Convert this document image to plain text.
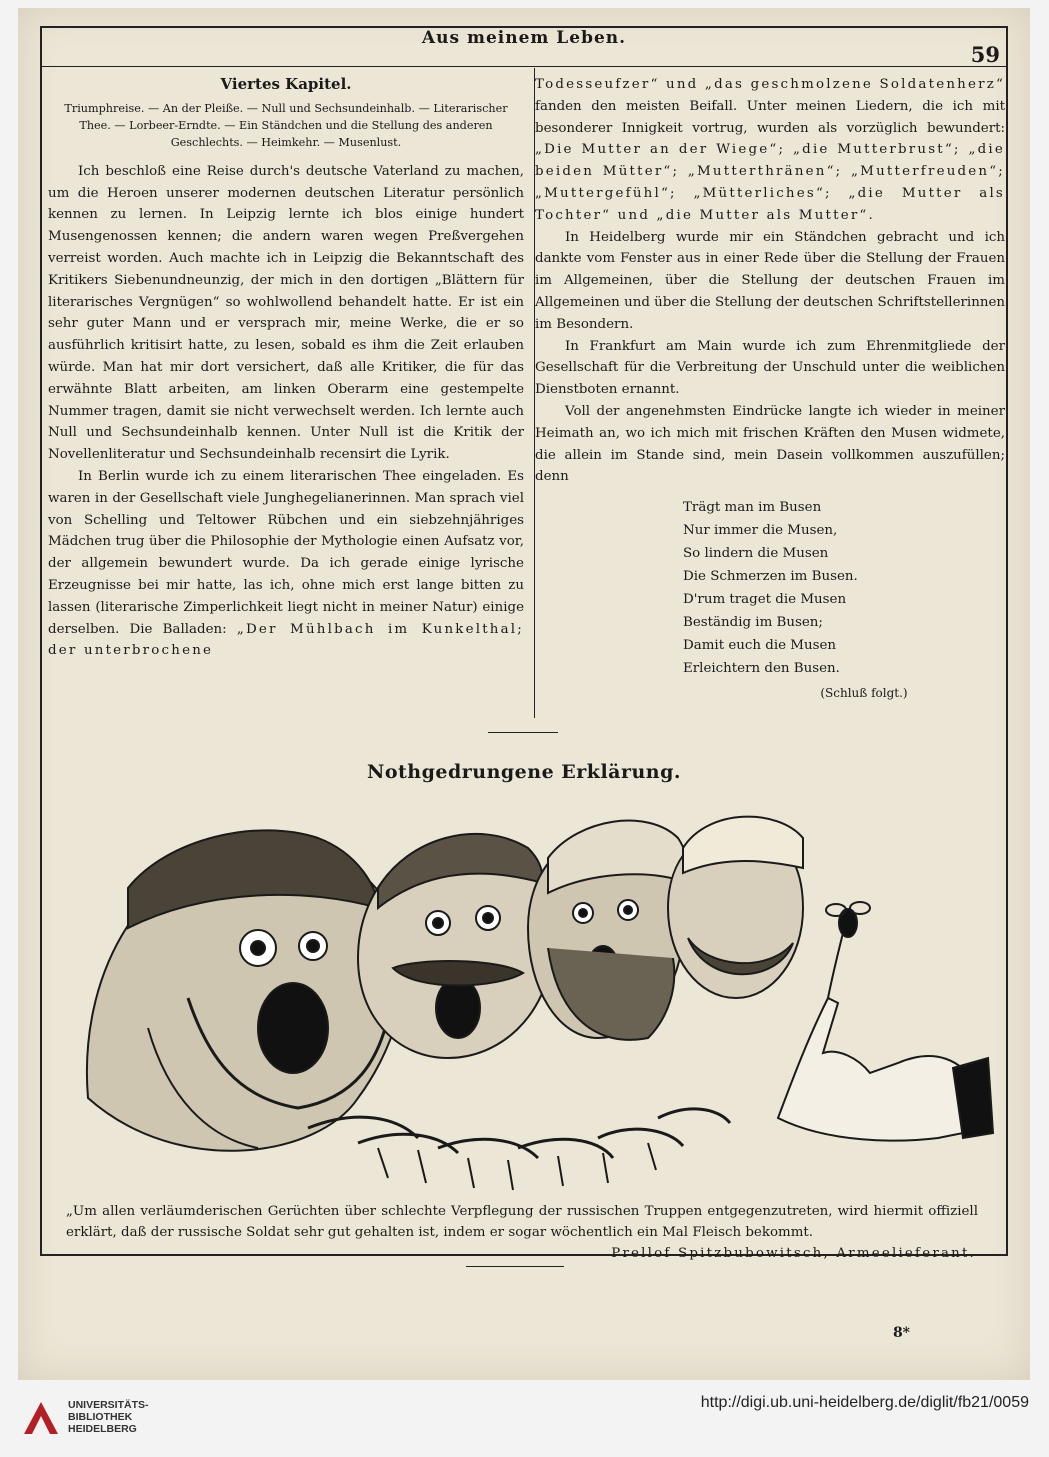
Aus meinem Leben.
59

Viertes Kapitel.

Triumphreise. — An der Pleiße. — Null und Sechsundeinhalb. — Literarischer Thee. — Lorbeer-Erndte. — Ein Ständchen und die Stellung des anderen Geschlechts. — Heimkehr. — Musenlust.

Ich beschloß eine Reise durch's deutsche Vaterland zu machen, um die Heroen unserer modernen deutschen Literatur persönlich kennen zu lernen. In Leipzig lernte ich blos einige hundert Musengenossen kennen; die andern waren wegen Preßvergehen verreist worden. Auch machte ich in Leipzig die Bekanntschaft des Kritikers Siebenundneunzig, der mich in den dortigen „Blättern für literarisches Vergnügen“ so wohlwollend behandelt hatte. Er ist ein sehr guter Mann und er versprach mir, meine Werke, die er so ausführlich kritisirt hatte, zu lesen, sobald es ihm die Zeit erlauben würde. Man hat mir dort versichert, daß alle Kritiker, die für das erwähnte Blatt arbeiten, am linken Oberarm eine gestempelte Nummer tragen, damit sie nicht verwechselt werden. Ich lernte auch Null und Sechsundeinhalb kennen. Unter Null ist die Kritik der Novellenliteratur und Sechsundeinhalb recensirt die Lyrik.

In Berlin wurde ich zu einem literarischen Thee eingeladen. Es waren in der Gesellschaft viele Junghegelianerinnen. Man sprach viel von Schelling und Teltower Rübchen und ein siebzehnjähriges Mädchen trug über die Philosophie der Mythologie einen Aufsatz vor, der allgemein bewundert wurde. Da ich gerade einige lyrische Erzeugnisse bei mir hatte, las ich, ohne mich erst lange bitten zu lassen (literarische Zimperlichkeit liegt nicht in meiner Natur) einige derselben. Die Balladen: „Der Mühlbach im Kunkelthal; der unterbrochene

Todesseufzer“ und „das geschmolzene Soldatenherz“ fanden den meisten Beifall. Unter meinen Liedern, die ich mit besonderer Innigkeit vortrug, wurden als vorzüglich bewundert: „Die Mutter an der Wiege“; „die Mutterbrust“; „die beiden Mütter“; „Mutterthränen“; „Mutterfreuden“; „Muttergefühl“; „Mütterliches“; „die Mutter als Tochter“ und „die Mutter als Mutter“.

In Heidelberg wurde mir ein Ständchen gebracht und ich dankte vom Fenster aus in einer Rede über die Stellung der Frauen im Allgemeinen, über die Stellung der deutschen Frauen im Allgemeinen und über die Stellung der deutschen Schriftstellerinnen im Besondern.

In Frankfurt am Main wurde ich zum Ehrenmitgliede der Gesellschaft für die Verbreitung der Unschuld unter die weiblichen Dienstboten ernannt.

Voll der angenehmsten Eindrücke langte ich wieder in meiner Heimath an, wo ich mich mit frischen Kräften den Musen widmete, die allein im Stande sind, mein Dasein vollkommen auszufüllen; denn

Trägt man im Busen
Nur immer die Musen,
So lindern die Musen
Die Schmerzen im Busen.
D'rum traget die Musen
Beständig im Busen;
Damit euch die Musen
Erleichtern den Busen.
(Schluß folgt.)
Nothgedrungene Erklärung.

„Um allen verläumderischen Gerüchten über schlechte Verpflegung der russischen Truppen entgegenzutreten, wird hiermit offiziell erklärt, daß der russische Soldat sehr gut gehalten ist, indem er sogar wöchentlich ein Mal Fleisch bekommt.

Prellof Spitzbubowitsch, Armeelieferant.

8*
UNIVERSITÄTS-
BIBLIOTHEK
HEIDELBERG
http://digi.ub.uni-heidelberg.de/diglit/fb21/0059
